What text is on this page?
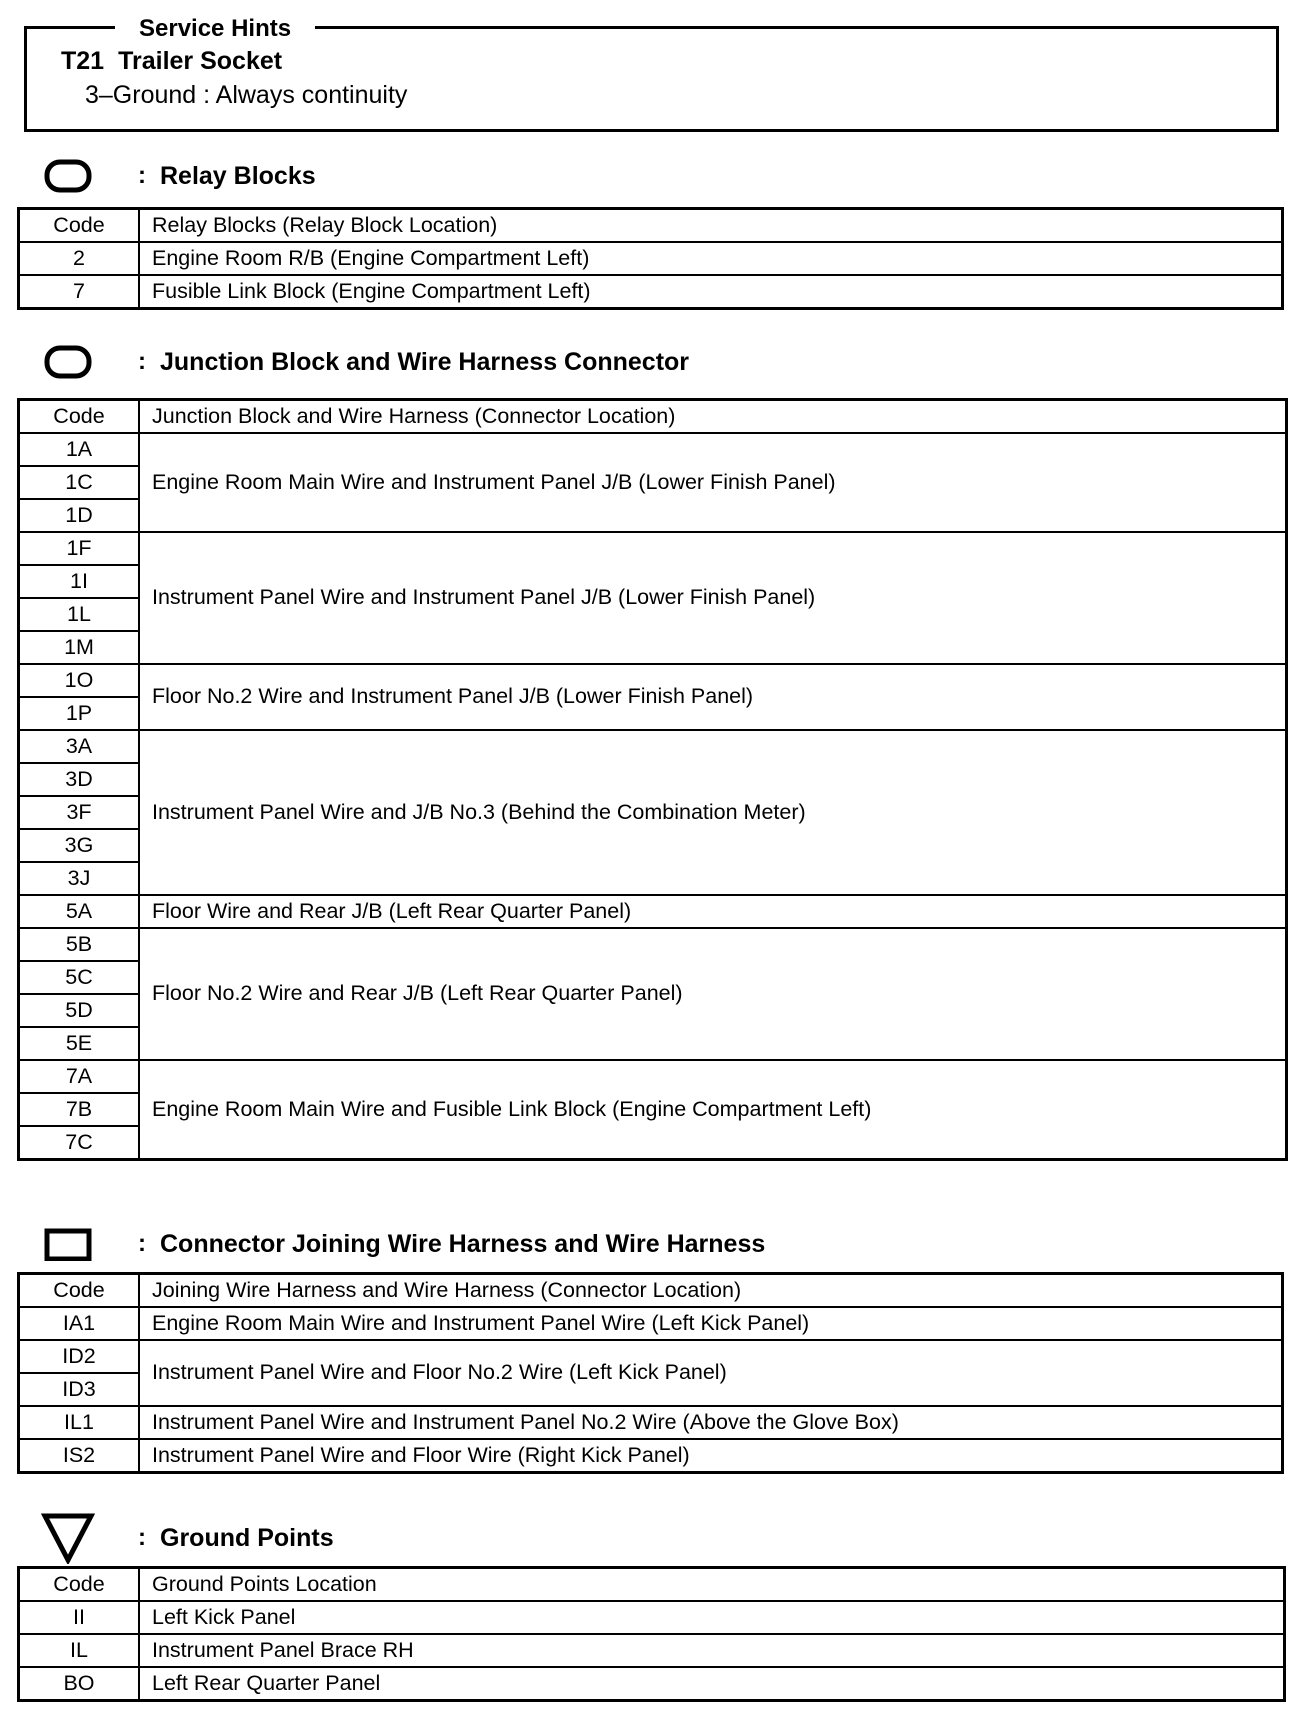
Service Hints
T21 Trailer Socket
3–Ground : Always continuity
: Relay Blocks
Code	Relay Blocks (Relay Block Location)
2	Engine Room R/B (Engine Compartment Left)
7	Fusible Link Block (Engine Compartment Left)
: Junction Block and Wire Harness Connector
Code	Junction Block and Wire Harness (Connector Location)
1A	Engine Room Main Wire and Instrument Panel J/B (Lower Finish Panel)
1C	
1D	
1F	Instrument Panel Wire and Instrument Panel J/B (Lower Finish Panel)
1I	
1L	
1M	
1O	Floor No.2 Wire and Instrument Panel J/B (Lower Finish Panel)
1P	
3A	Instrument Panel Wire and J/B No.3 (Behind the Combination Meter)
3D	
3F	
3G	
3J	
5A	Floor Wire and Rear J/B (Left Rear Quarter Panel)
5B	Floor No.2 Wire and Rear J/B (Left Rear Quarter Panel)
5C	
5D	
5E	
7A	Engine Room Main Wire and Fusible Link Block (Engine Compartment Left)
7B	
7C	
: Connector Joining Wire Harness and Wire Harness
Code	Joining Wire Harness and Wire Harness (Connector Location)
IA1	Engine Room Main Wire and Instrument Panel Wire (Left Kick Panel)
ID2	Instrument Panel Wire and Floor No.2 Wire (Left Kick Panel)
ID3	
IL1	Instrument Panel Wire and Instrument Panel No.2 Wire (Above the Glove Box)
IS2	Instrument Panel Wire and Floor Wire (Right Kick Panel)
: Ground Points
Code	Ground Points Location
II	Left Kick Panel
IL	Instrument Panel Brace RH
BO	Left Rear Quarter Panel
